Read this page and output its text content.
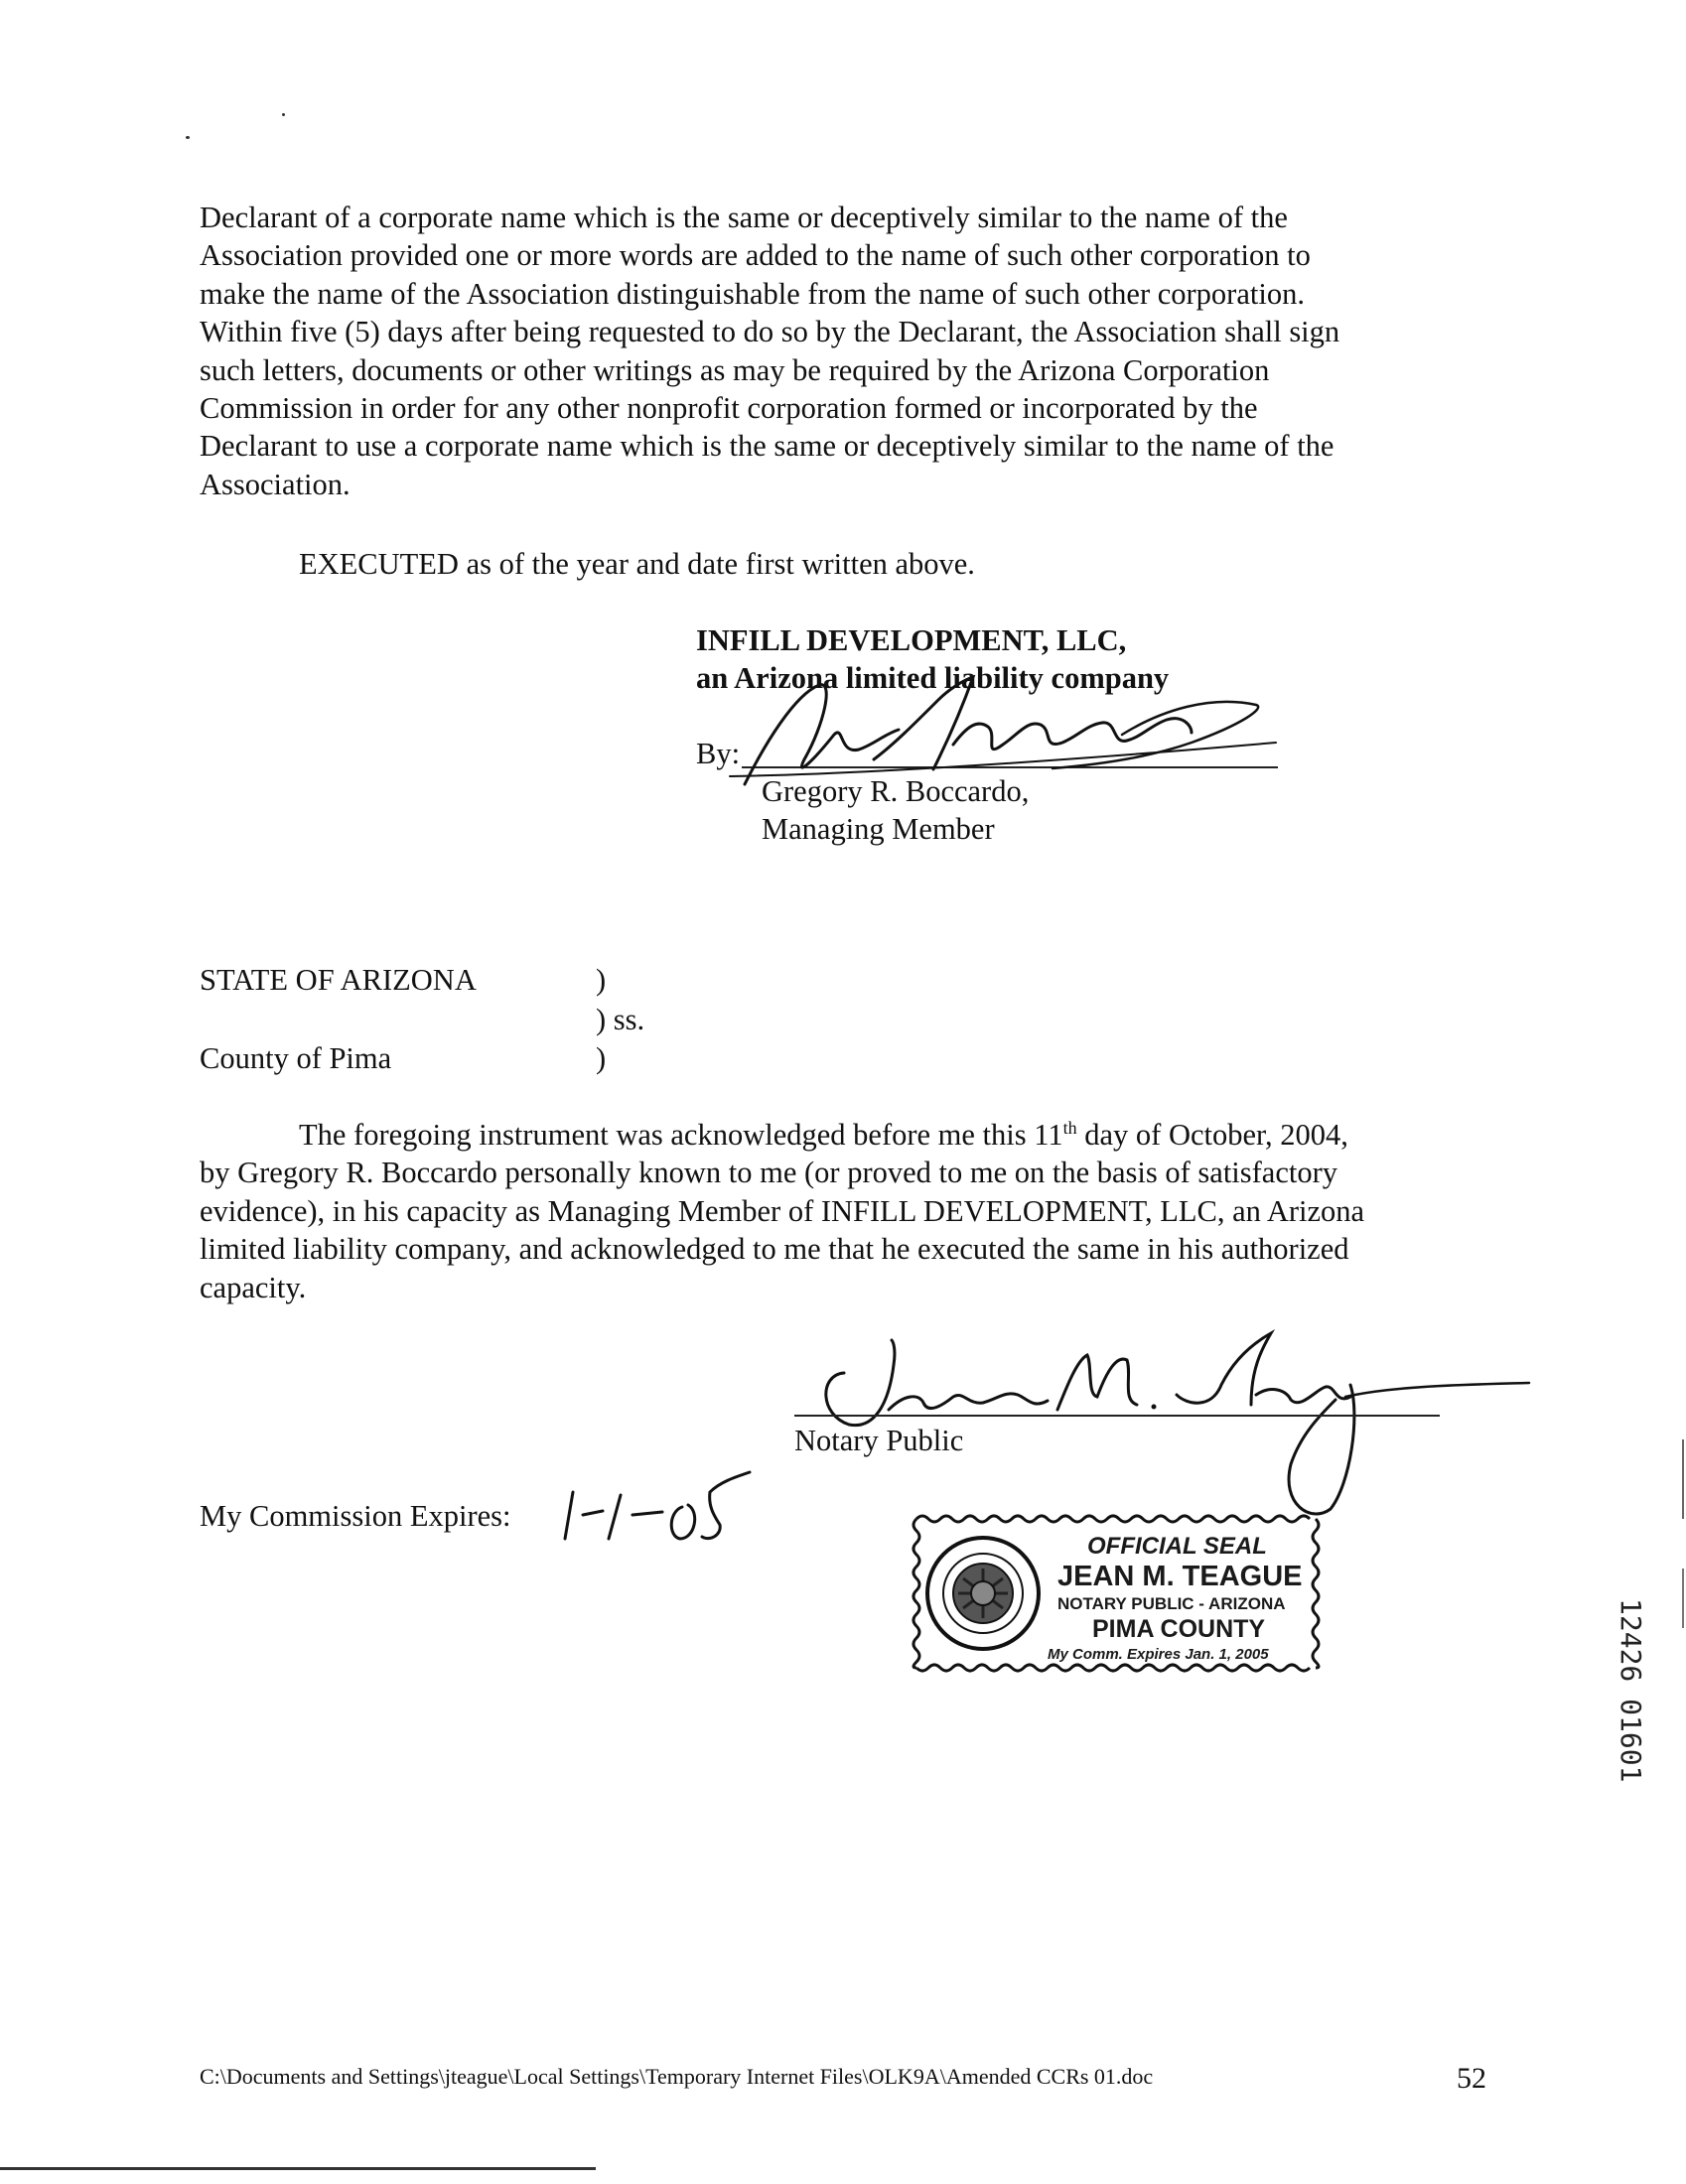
Declarant of a corporate name which is the same or deceptively similar to the name of the
Association provided one or more words are added to the name of such other corporation to
make the name of the Association distinguishable from the name of such other corporation.
Within five (5) days after being requested to do so by the Declarant, the Association shall sign
such letters, documents or other writings as may be required by the Arizona Corporation
Commission in order for any other nonprofit corporation formed or incorporated by the
Declarant to use a corporate name which is the same or deceptively similar to the name of the
Association.
EXECUTED as of the year and date first written above.
INFILL DEVELOPMENT, LLC,
an Arizona limited liability company
By:
Gregory R. Boccardo,
Managing Member
STATE OF ARIZONA	)
) ss.
County of Pima	)
The foregoing instrument was acknowledged before me this 11th day of October, 2004,
by Gregory R. Boccardo personally known to me (or proved to me on the basis of satisfactory
evidence), in his capacity as Managing Member of INFILL DEVELOPMENT, LLC, an Arizona
limited liability company, and acknowledged to me that he executed the same in his authorized
capacity.
Notary Public
My Commission Expires:
OFFICIAL SEAL
JEAN M. TEAGUE
NOTARY PUBLIC - ARIZONA
PIMA COUNTY
My Comm. Expires Jan. 1, 2005	12426 01601
C:\Documents and Settings\jteague\Local Settings\Temporary Internet Files\OLK9A\Amended CCRs 01.doc	52
